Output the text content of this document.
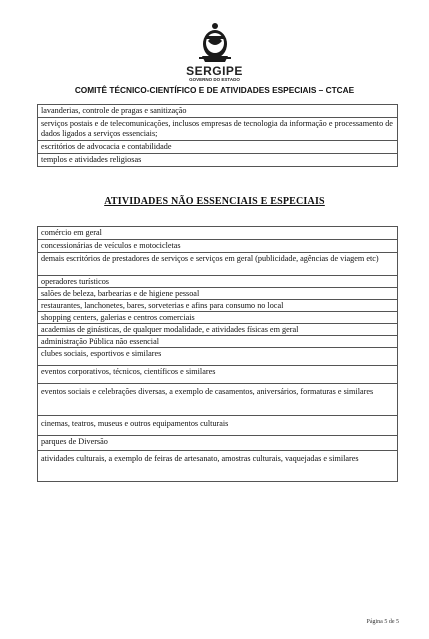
SERGIPE
GOVERNO DO ESTADO
COMITÊ TÉCNICO-CIENTÍFICO E DE ATIVIDADES ESPECIAIS – CTCAE
lavanderias, controle de pragas e sanitização
serviços postais e de telecomunicações, inclusos empresas de tecnologia da informação e processamento de dados ligados a serviços essenciais;
escritórios de advocacia e contabilidade
templos e atividades religiosas
ATIVIDADES NÃO ESSENCIAIS E ESPECIAIS
comércio em geral
concessionárias de veículos e motocicletas
demais escritórios de prestadores de serviços e serviços em geral (publicidade, agências de viagem etc)
operadores turísticos
salões de beleza, barbearias e de higiene pessoal
restaurantes, lanchonetes, bares, sorveterias e afins para consumo no local
shopping centers, galerias e centros comerciais
academias de ginásticas, de qualquer modalidade, e atividades físicas em geral
administração Pública não essencial
clubes sociais, esportivos e similares
eventos corporativos, técnicos, científicos e similares
eventos sociais e celebrações diversas, a exemplo de casamentos, aniversários, formaturas e similares
cinemas, teatros, museus e outros equipamentos culturais
parques de Diversão
atividades culturais, a exemplo de feiras de artesanato, amostras culturais, vaquejadas e similares
Página 5 de 5
